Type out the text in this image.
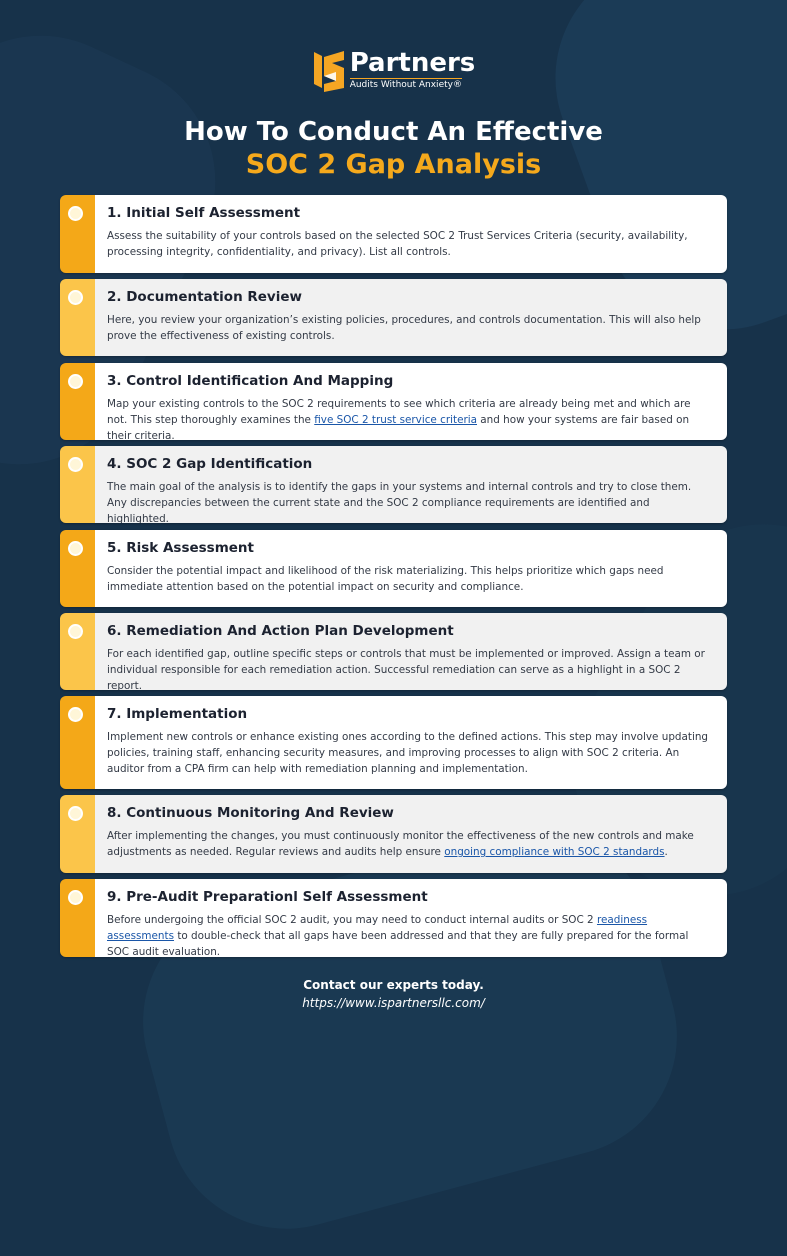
Partners
Audits Without Anxiety®
How To Conduct An Effective
SOC 2 Gap Analysis
1. Initial Self Assessment

Assess the suitability of your controls based on the selected SOC 2 Trust Services Criteria (security, availability, processing integrity, confidentiality, and privacy). List all controls.

2. Documentation Review

Here, you review your organization’s existing policies, procedures, and controls documentation. This will also help prove the effectiveness of existing controls.

3. Control Identification And Mapping

Map your existing controls to the SOC 2 requirements to see which criteria are already being met and which are not. This step thoroughly examines the five SOC 2 trust service criteria and how your systems are fair based on their criteria.

4. SOC 2 Gap Identification

The main goal of the analysis is to identify the gaps in your systems and internal controls and try to close them. Any discrepancies between the current state and the SOC 2 compliance requirements are identified and highlighted.

5. Risk Assessment

Consider the potential impact and likelihood of the risk materializing. This helps prioritize which gaps need immediate attention based on the potential impact on security and compliance.

6. Remediation And Action Plan Development

For each identified gap, outline specific steps or controls that must be implemented or improved. Assign a team or individual responsible for each remediation action. Successful remediation can serve as a highlight in a SOC 2 report.

7. Implementation

Implement new controls or enhance existing ones according to the defined actions. This step may involve updating policies, training staff, enhancing security measures, and improving processes to align with SOC 2 criteria. An auditor from a CPA firm can help with remediation planning and implementation.

8. Continuous Monitoring And Review

After implementing the changes, you must continuously monitor the effectiveness of the new controls and make adjustments as needed. Regular reviews and audits help ensure ongoing compliance with SOC 2 standards.

9. Pre-Audit Preparationl Self Assessment

Before undergoing the official SOC 2 audit, you may need to conduct internal audits or SOC 2 readiness assessments to double-check that all gaps have been addressed and that they are fully prepared for the formal SOC audit evaluation.

Contact our experts today.
https://www.ispartnersllc.com/
